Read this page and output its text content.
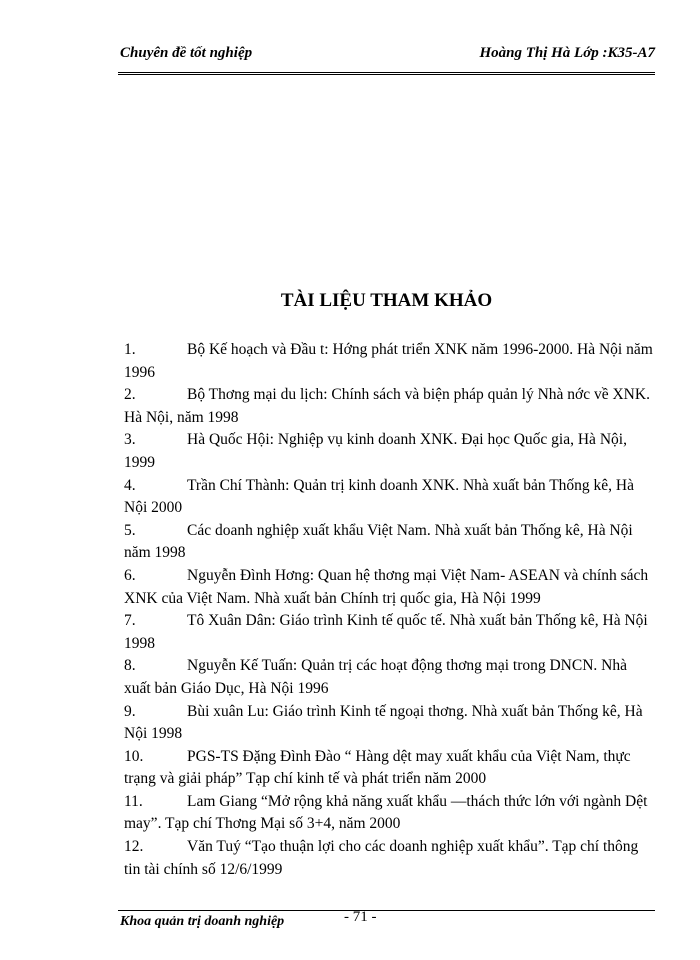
Chuyên đề tốt nghiệp	Hoàng Thị Hà Lớp :K35-A7
TÀI LIỆU THAM KHẢO

1.	Bộ Kế hoạch và Đầu t: Hớng phát triển XNK năm 1996-2000. Hà Nội năm 1996

2.	Bộ Thơng mại du lịch: Chính sách và biện pháp quản lý Nhà nớc về XNK. Hà Nội, năm 1998

3.	Hà Quốc Hội: Nghiệp vụ kinh doanh XNK. Đại học Quốc gia, Hà Nội, 1999

4.	Trần Chí Thành: Quản trị kinh doanh XNK. Nhà xuất bản Thống kê, Hà Nội 2000

5.	Các doanh nghiệp xuất khẩu Việt Nam. Nhà xuất bản Thống kê, Hà Nội năm 1998

6.	Nguyễn Đình Hơng: Quan hệ thơng mại Việt Nam- ASEAN và chính sách XNK của Việt Nam. Nhà xuất bản Chính trị quốc gia, Hà Nội 1999

7.	Tô Xuân Dân: Giáo trình Kinh tế quốc tế. Nhà xuất bản Thống kê, Hà Nội 1998

8.	Nguyễn Kế Tuấn: Quản trị các hoạt động thơng mại trong DNCN. Nhà xuất bản Giáo Dục, Hà Nội 1996

9.	Bùi xuân Lu: Giáo trình Kinh tế ngoại thơng. Nhà xuất bản Thống kê, Hà Nội 1998

10.	PGS-TS Đặng Đình Đào “ Hàng dệt may xuất khẩu của Việt Nam, thực trạng và giải pháp” Tạp chí kinh tế và phát triển năm 2000

11.	Lam Giang “Mở rộng khả năng xuất khẩu —thách thức lớn với ngành Dệt may”. Tạp chí Thơng Mại số 3+4, năm 2000

12.	Văn Tuý “Tạo thuận lợi cho các doanh nghiệp xuất khẩu”. Tạp chí thông tin tài chính số 12/6/1999

Khoa quản trị doanh nghiệp	- 71 -
